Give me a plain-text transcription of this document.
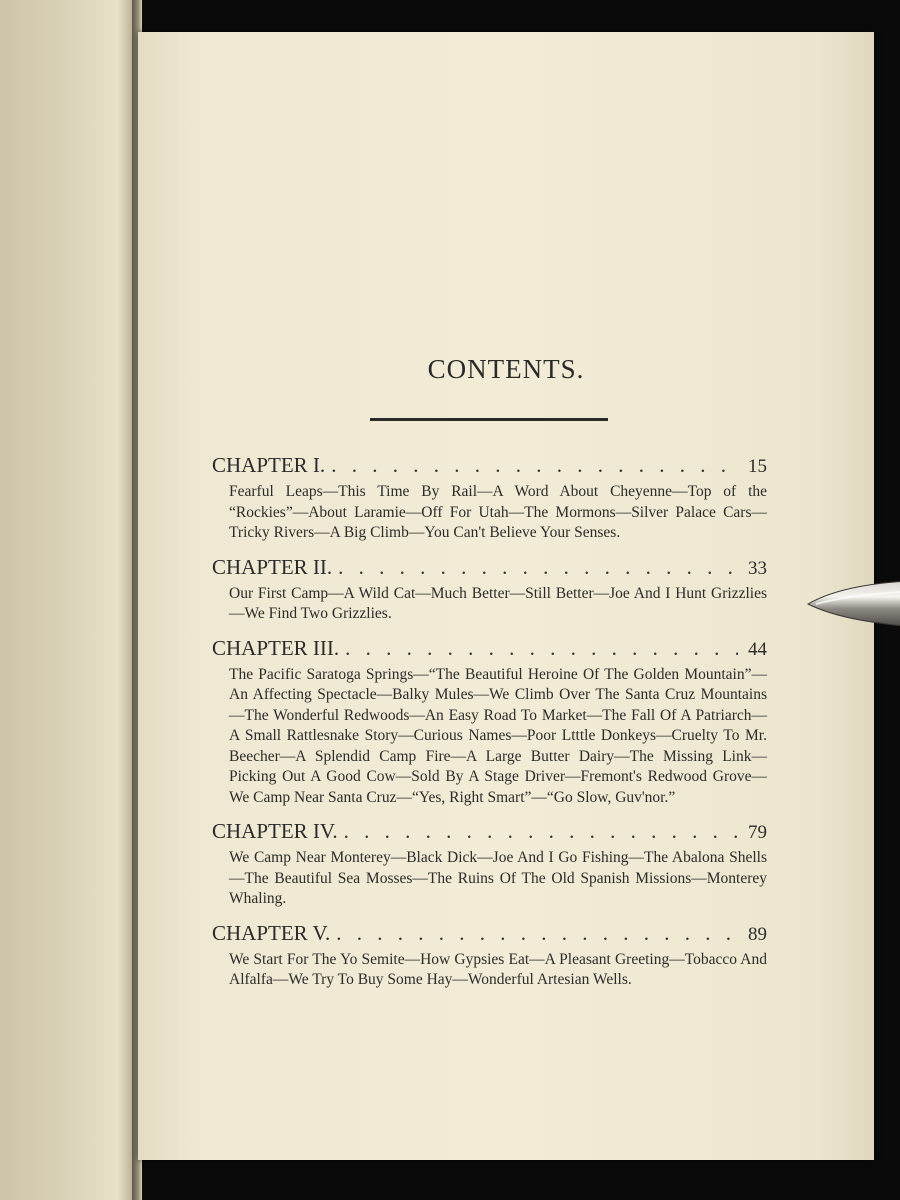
CONTENTS.
CHAPTER I. . . .	15
Fearful Leaps—This Time By Rail—A Word About Cheyenne—Top of the “Rockies”—About Laramie—Off For Utah—The Mormons—Silver Palace Cars—Tricky Rivers—A Big Climb—You Can't Believe Your Senses.
CHAPTER II. . . .	33
Our First Camp—A Wild Cat—Much Better—Still Better—Joe And I Hunt Grizzlies—We Find Two Grizzlies.
CHAPTER III. . . .	44
The Pacific Saratoga Springs—“The Beautiful Heroine Of The Golden Mountain”—An Affecting Spectacle—Balky Mules—We Climb Over The Santa Cruz Mountains—The Wonderful Redwoods—An Easy Road To Market—The Fall Of A Patriarch—A Small Rattlesnake Story—Curious Names—Poor Ltttle Donkeys—Cruelty To Mr. Beecher—A Splendid Camp Fire—A Large Butter Dairy—The Missing Link—Picking Out A Good Cow—Sold By A Stage Driver—Fremont's Redwood Grove—We Camp Near Santa Cruz—“Yes, Right Smart”—“Go Slow, Guv'nor.”
CHAPTER IV. . . .	79
We Camp Near Monterey—Black Dick—Joe And I Go Fishing—The Abalona Shells—The Beautiful Sea Mosses—The Ruins Of The Old Spanish Missions—Monterey Whaling.
CHAPTER V. . . .	89
We Start For The Yo Semite—How Gypsies Eat—A Pleasant Greeting—Tobacco And Alfalfa—We Try To Buy Some Hay—Wonderful Artesian Wells.
